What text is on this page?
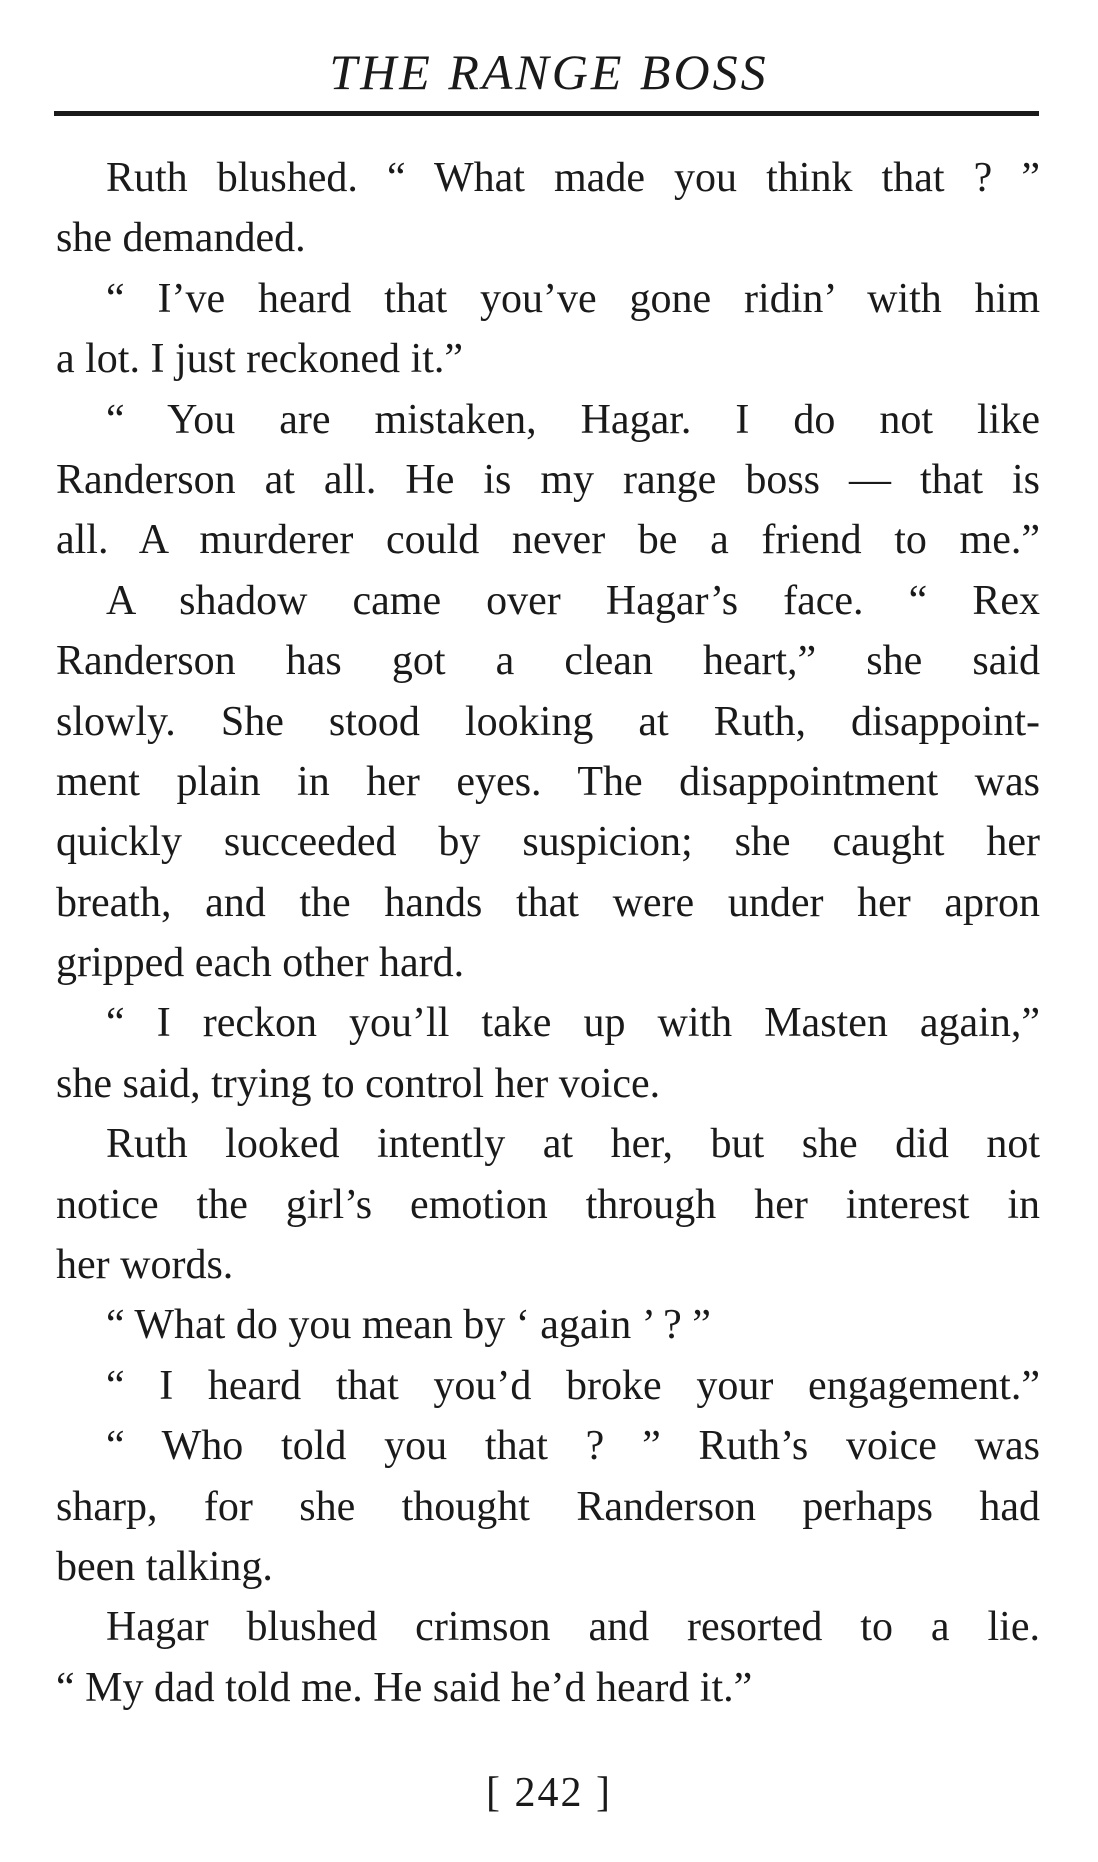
THE RANGE BOSS
Ruth blushed. “ What made you think that ? ”
she demanded.
“ I’ve heard that you’ve gone ridin’ with him
a lot. I just reckoned it.”
“ You are mistaken, Hagar. I do not like
Randerson at all. He is my range boss — that is
all. A murderer could never be a friend to me.”
A shadow came over Hagar’s face. “ Rex
Randerson has got a clean heart,” she said
slowly. She stood looking at Ruth, disappoint-
ment plain in her eyes. The disappointment was
quickly succeeded by suspicion; she caught her
breath, and the hands that were under her apron
gripped each other hard.
“ I reckon you’ll take up with Masten again,”
she said, trying to control her voice.
Ruth looked intently at her, but she did not
notice the girl’s emotion through her interest in
her words.
“ What do you mean by ‘ again ’ ? ”
“ I heard that you’d broke your engagement.”
“ Who told you that ? ” Ruth’s voice was
sharp, for she thought Randerson perhaps had
been talking.
Hagar blushed crimson and resorted to a lie.
“ My dad told me. He said he’d heard it.”
[ 242 ]
